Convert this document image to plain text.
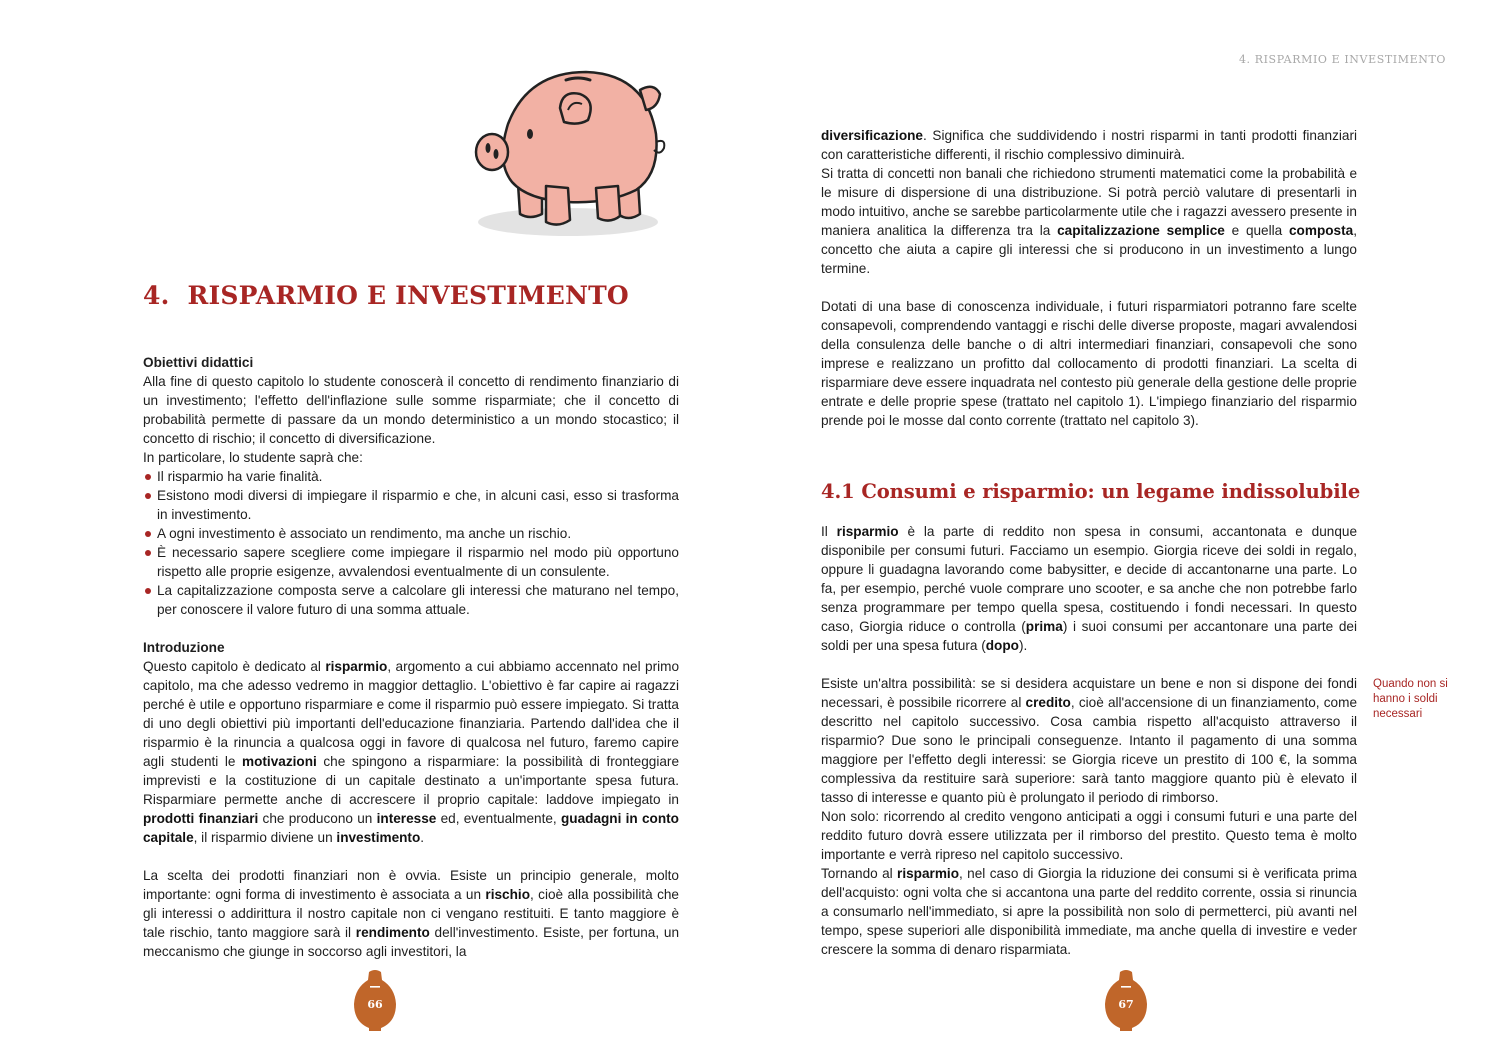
4. RISPARMIO E INVESTIMENTO

Obiettivi didattici

Alla fine di questo capitolo lo studente conoscerà il concetto di rendimento finanziario di un investimento; l'effetto dell'inflazione sulle somme risparmiate; che il concetto di probabilità permette di passare da un mondo deterministico a un mondo stocastico; il concetto di rischio; il concetto di diversificazione.

In particolare, lo studente saprà che:

Il risparmio ha varie finalità.
Esistono modi diversi di impiegare il risparmio e che, in alcuni casi, esso si trasforma in investimento.
A ogni investimento è associato un rendimento, ma anche un rischio.
È necessario sapere scegliere come impiegare il risparmio nel modo più opportuno rispetto alle proprie esigenze, avvalendosi eventualmente di un consulente.
La capitalizzazione composta serve a calcolare gli interessi che maturano nel tempo, per conoscere il valore futuro di una somma attuale.

Introduzione

Questo capitolo è dedicato al risparmio, argomento a cui abbiamo accennato nel primo capitolo, ma che adesso vedremo in maggior dettaglio. L'obiettivo è far capire ai ragazzi perché è utile e opportuno risparmiare e come il risparmio può essere impiegato. Si tratta di uno degli obiettivi più importanti dell'educazione finanziaria. Partendo dall'idea che il risparmio è la rinuncia a qualcosa oggi in favore di qualcosa nel futuro, faremo capire agli studenti le motivazioni che spingono a risparmiare: la possibilità di fronteggiare imprevisti e la costituzione di un capitale destinato a un'importante spesa futura. Risparmiare permette anche di accrescere il proprio capitale: laddove impiegato in prodotti finanziari che producono un interesse ed, eventualmente, guadagni in conto capitale, il risparmio diviene un investimento.

La scelta dei prodotti finanziari non è ovvia. Esiste un principio generale, molto importante: ogni forma di investimento è associata a un rischio, cioè alla possibilità che gli interessi o addirittura il nostro capitale non ci vengano restituiti. E tanto maggiore è tale rischio, tanto maggiore sarà il rendimento dell'investimento. Esiste, per fortuna, un meccanismo che giunge in soccorso agli investitori, la

66
4. RISPARMIO E INVESTIMENTO

diversificazione. Significa che suddividendo i nostri risparmi in tanti prodotti finanziari con caratteristiche differenti, il rischio complessivo diminuirà.

Si tratta di concetti non banali che richiedono strumenti matematici come la probabilità e le misure di dispersione di una distribuzione. Si potrà perciò valutare di presentarli in modo intuitivo, anche se sarebbe particolarmente utile che i ragazzi avessero presente in maniera analitica la differenza tra la capitalizzazione semplice e quella composta, concetto che aiuta a capire gli interessi che si producono in un investimento a lungo termine.

Dotati di una base di conoscenza individuale, i futuri risparmiatori potranno fare scelte consapevoli, comprendendo vantaggi e rischi delle diverse proposte, magari avvalendosi della consulenza delle banche o di altri intermediari finanziari, consapevoli che sono imprese e realizzano un profitto dal collocamento di prodotti finanziari. La scelta di risparmiare deve essere inquadrata nel contesto più generale della gestione delle proprie entrate e delle proprie spese (trattato nel capitolo 1). L'impiego finanziario del risparmio prende poi le mosse dal conto corrente (trattato nel capitolo 3).

4.1 Consumi e risparmio: un legame indissolubile

Il risparmio è la parte di reddito non spesa in consumi, accantonata e dunque disponibile per consumi futuri. Facciamo un esempio. Giorgia riceve dei soldi in regalo, oppure li guadagna lavorando come babysitter, e decide di accantonarne una parte. Lo fa, per esempio, perché vuole comprare uno scooter, e sa anche che non potrebbe farlo senza programmare per tempo quella spesa, costituendo i fondi necessari. In questo caso, Giorgia riduce o controlla (prima) i suoi consumi per accantonare una parte dei soldi per una spesa futura (dopo).

Esiste un'altra possibilità: se si desidera acquistare un bene e non si dispone dei fondi necessari, è possibile ricorrere al credito, cioè all'accensione di un finanziamento, come descritto nel capitolo successivo. Cosa cambia rispetto all'acquisto attraverso il risparmio? Due sono le principali conseguenze. Intanto il pagamento di una somma maggiore per l'effetto degli interessi: se Giorgia riceve un prestito di 100 €, la somma complessiva da restituire sarà superiore: sarà tanto maggiore quanto più è elevato il tasso di interesse e quanto più è prolungato il periodo di rimborso.

Non solo: ricorrendo al credito vengono anticipati a oggi i consumi futuri e una parte del reddito futuro dovrà essere utilizzata per il rimborso del prestito. Questo tema è molto importante e verrà ripreso nel capitolo successivo.

Tornando al risparmio, nel caso di Giorgia la riduzione dei consumi si è verificata prima dell'acquisto: ogni volta che si accantona una parte del reddito corrente, ossia si rinuncia a consumarlo nell'immediato, si apre la possibilità non solo di permetterci, più avanti nel tempo, spese superiori alle disponibilità immediate, ma anche quella di investire e veder crescere la somma di denaro risparmiata.

Quando non si hanno i soldi necessari
67
